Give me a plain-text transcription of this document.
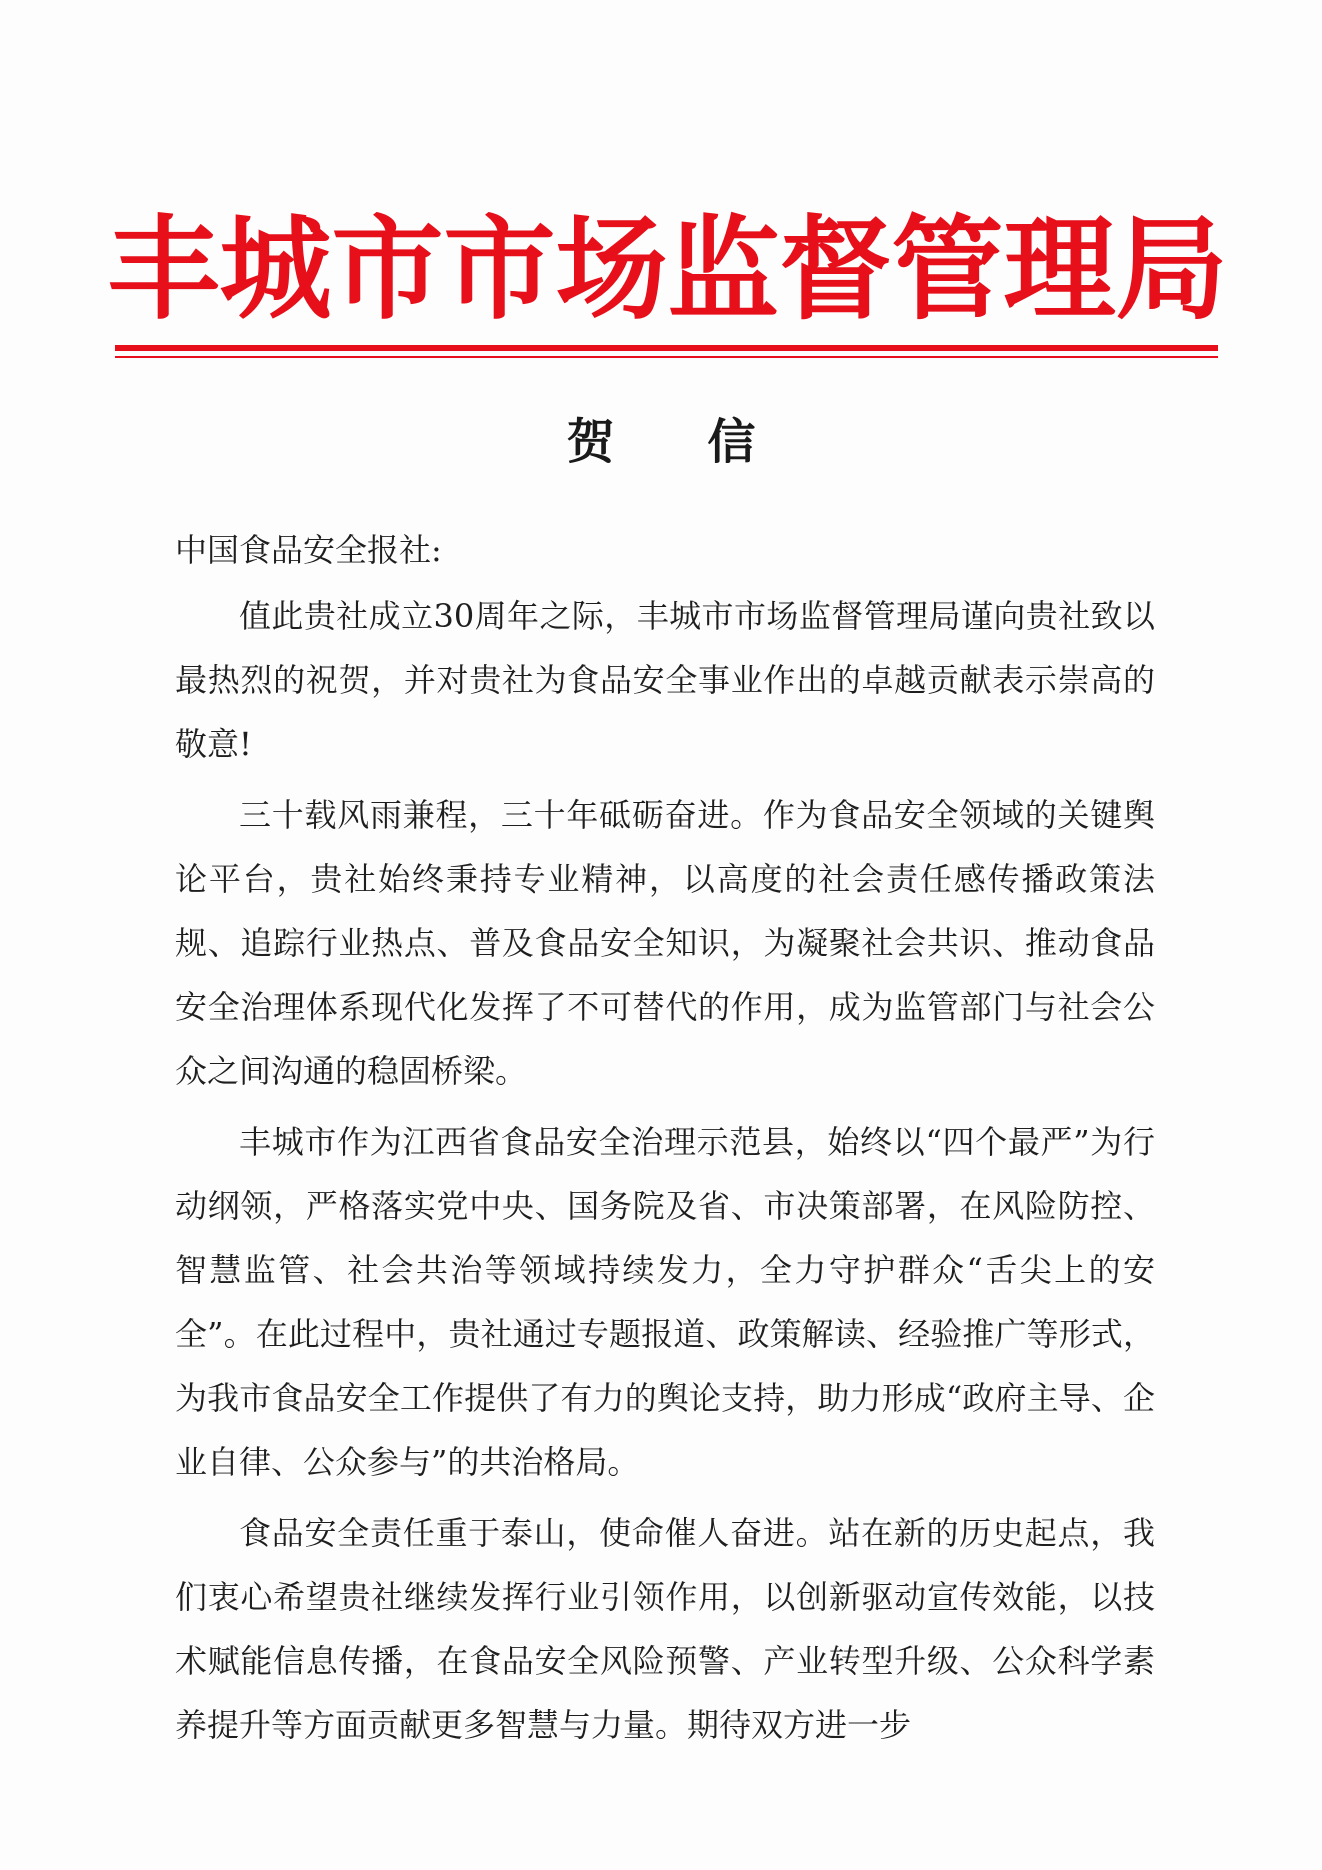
丰城市市场监督管理局
贺 信

中国食品安全报社:

值此贵社成立30周年之际，丰城市市场监督管理局谨向贵社致以最热烈的祝贺，并对贵社为食品安全事业作出的卓越贡献表示崇高的敬意!

三十载风雨兼程，三十年砥砺奋进。作为食品安全领域的关键舆论平台，贵社始终秉持专业精神，以高度的社会责任感传播政策法规、追踪行业热点、普及食品安全知识，为凝聚社会共识、推动食品安全治理体系现代化发挥了不可替代的作用，成为监管部门与社会公众之间沟通的稳固桥梁。

丰城市作为江西省食品安全治理示范县，始终以“四个最严”为行动纲领，严格落实党中央、国务院及省、市决策部署，在风险防控、智慧监管、社会共治等领域持续发力，全力守护群众“舌尖上的安全”。在此过程中，贵社通过专题报道、政策解读、经验推广等形式，为我市食品安全工作提供了有力的舆论支持，助力形成“政府主导、企业自律、公众参与”的共治格局。

食品安全责任重于泰山，使命催人奋进。站在新的历史起点，我们衷心希望贵社继续发挥行业引领作用，以创新驱动宣传效能，以技术赋能信息传播，在食品安全风险预警、产业转型升级、公众科学素养提升等方面贡献更多智慧与力量。期待双方进一步
